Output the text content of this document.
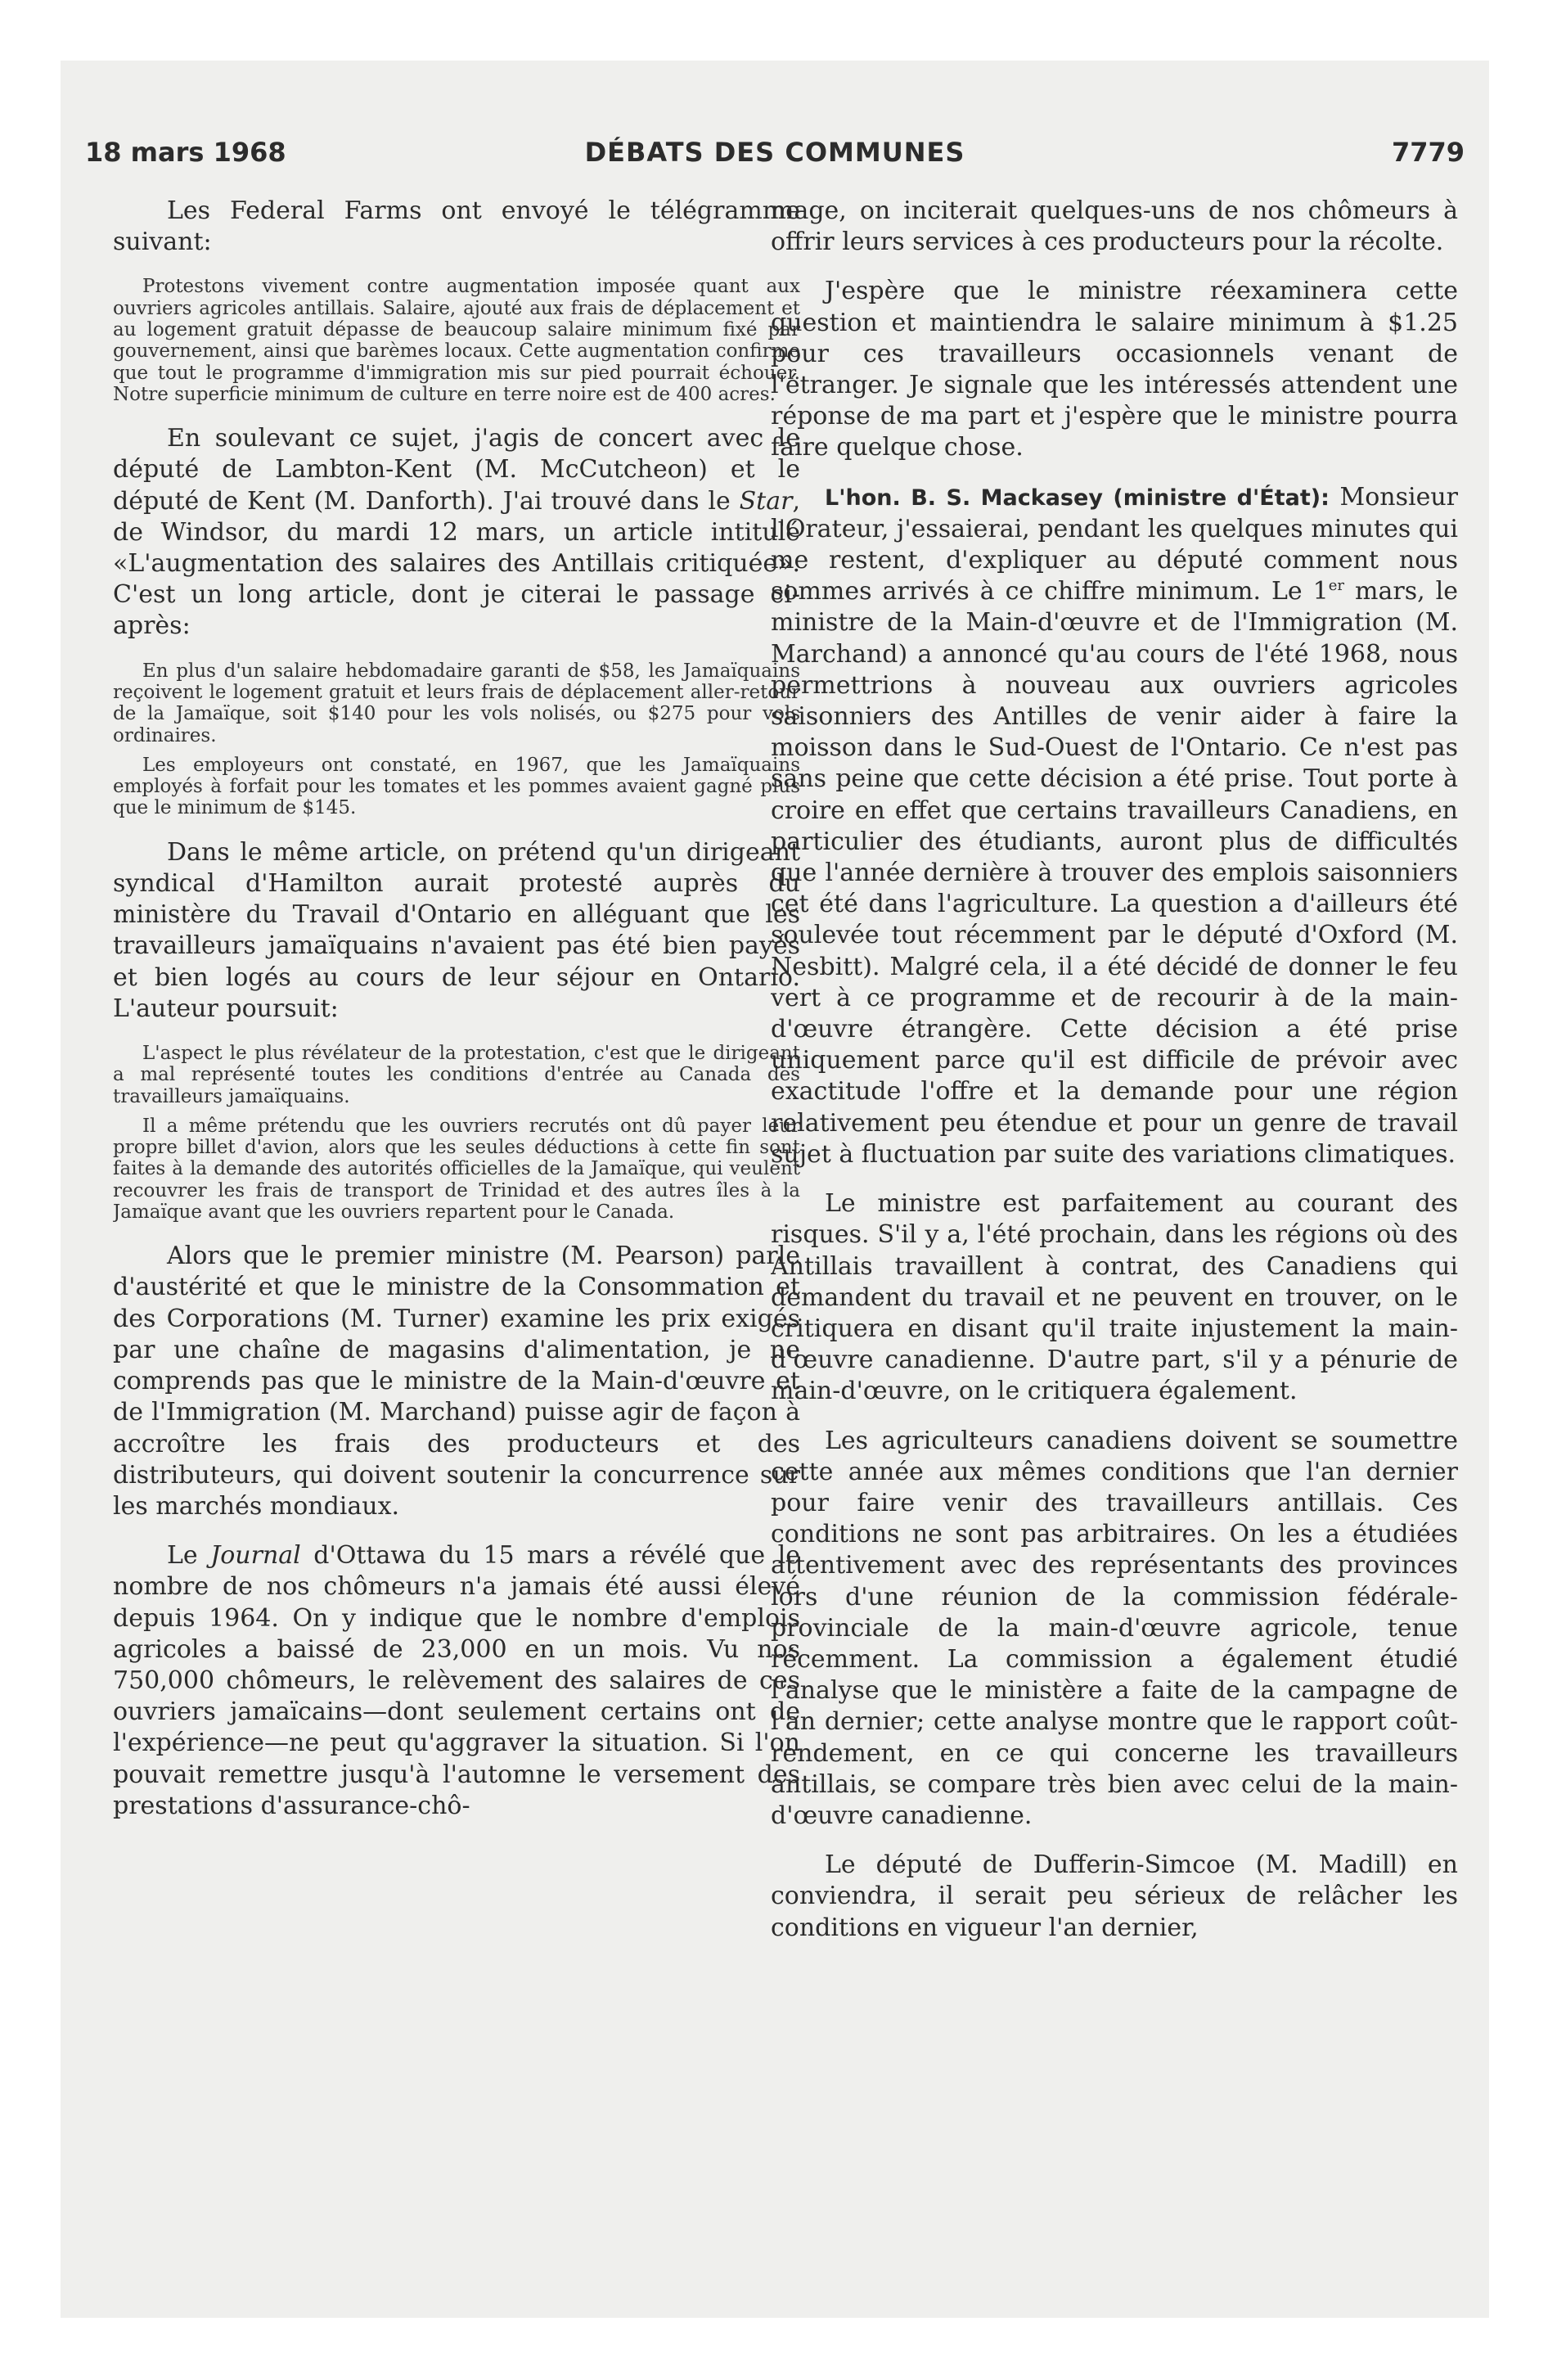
18 mars 1968	DÉBATS DES COMMUNES	7779

Les Federal Farms ont envoyé le télégramme suivant:

Protestons vivement contre augmentation imposée quant aux ouvriers agricoles antillais. Salaire, ajouté aux frais de déplacement et au logement gratuit dépasse de beaucoup salaire minimum fixé par gouvernement, ainsi que barèmes locaux. Cette augmentation confirme que tout le programme d'immigration mis sur pied pourrait échouer. Notre superficie minimum de culture en terre noire est de 400 acres.

En soulevant ce sujet, j'agis de concert avec le député de Lambton-Kent (M. McCutcheon) et le député de Kent (M. Danforth). J'ai trouvé dans le Star, de Windsor, du mardi 12 mars, un article intitulé «L'augmentation des salaires des Antillais critiquée». C'est un long article, dont je citerai le passage ci-après:

En plus d'un salaire hebdomadaire garanti de $58, les Jamaïquains reçoivent le logement gratuit et leurs frais de déplacement aller-retour de la Jamaïque, soit $140 pour les vols nolisés, ou $275 pour vols ordinaires.

Les employeurs ont constaté, en 1967, que les Jamaïquains employés à forfait pour les tomates et les pommes avaient gagné plus que le minimum de $145.

Dans le même article, on prétend qu'un dirigeant syndical d'Hamilton aurait protesté auprès du ministère du Travail d'Ontario en alléguant que les travailleurs jamaïquains n'avaient pas été bien payés et bien logés au cours de leur séjour en Ontario. L'auteur poursuit:

L'aspect le plus révélateur de la protestation, c'est que le dirigeant a mal représenté toutes les conditions d'entrée au Canada des travailleurs jamaïquains.

Il a même prétendu que les ouvriers recrutés ont dû payer leur propre billet d'avion, alors que les seules déductions à cette fin sont faites à la demande des autorités officielles de la Jamaïque, qui veulent recouvrer les frais de transport de Trinidad et des autres îles à la Jamaïque avant que les ouvriers repartent pour le Canada.

Alors que le premier ministre (M. Pearson) parle d'austérité et que le ministre de la Consommation et des Corporations (M. Turner) examine les prix exigés par une chaîne de magasins d'alimentation, je ne comprends pas que le ministre de la Main-d'œuvre et de l'Immigration (M. Marchand) puisse agir de façon à accroître les frais des producteurs et des distributeurs, qui doivent soutenir la concurrence sur les marchés mondiaux.

Le Journal d'Ottawa du 15 mars a révélé que le nombre de nos chômeurs n'a jamais été aussi élevé depuis 1964. On y indique que le nombre d'emplois agricoles a baissé de 23,000 en un mois. Vu nos 750,000 chômeurs, le relèvement des salaires de ces ouvriers jamaïcains—dont seulement certains ont de l'expérience—ne peut qu'aggraver la situation. Si l'on pouvait remettre jusqu'à l'automne le versement des prestations d'assurance-chô-

mage, on inciterait quelques-uns de nos chômeurs à offrir leurs services à ces producteurs pour la récolte.

J'espère que le ministre réexaminera cette question et maintiendra le salaire minimum à $1.25 pour ces travailleurs occasionnels venant de l'étranger. Je signale que les intéressés attendent une réponse de ma part et j'espère que le ministre pourra faire quelque chose.

L'hon. B. S. Mackasey (ministre d'État): Monsieur l'Orateur, j'essaierai, pendant les quelques minutes qui me restent, d'expliquer au député comment nous sommes arrivés à ce chiffre minimum. Le 1er mars, le ministre de la Main-d'œuvre et de l'Immigration (M. Marchand) a annoncé qu'au cours de l'été 1968, nous permettrions à nouveau aux ouvriers agricoles saisonniers des Antilles de venir aider à faire la moisson dans le Sud-Ouest de l'Ontario. Ce n'est pas sans peine que cette décision a été prise. Tout porte à croire en effet que certains travailleurs Canadiens, en particulier des étudiants, auront plus de difficultés que l'année dernière à trouver des emplois saisonniers cet été dans l'agriculture. La question a d'ailleurs été soulevée tout récemment par le député d'Oxford (M. Nesbitt). Malgré cela, il a été décidé de donner le feu vert à ce programme et de recourir à de la main-d'œuvre étrangère. Cette décision a été prise uniquement parce qu'il est difficile de prévoir avec exactitude l'offre et la demande pour une région relativement peu étendue et pour un genre de travail sujet à fluctuation par suite des variations climatiques.

Le ministre est parfaitement au courant des risques. S'il y a, l'été prochain, dans les régions où des Antillais travaillent à contrat, des Canadiens qui demandent du travail et ne peuvent en trouver, on le critiquera en disant qu'il traite injustement la main-d'œuvre canadienne. D'autre part, s'il y a pénurie de main-d'œuvre, on le critiquera également.

Les agriculteurs canadiens doivent se soumettre cette année aux mêmes conditions que l'an dernier pour faire venir des travailleurs antillais. Ces conditions ne sont pas arbitraires. On les a étudiées attentivement avec des représentants des provinces lors d'une réunion de la commission fédérale-provinciale de la main-d'œuvre agricole, tenue récemment. La commission a également étudié l'analyse que le ministère a faite de la campagne de l'an dernier; cette analyse montre que le rapport coût-rendement, en ce qui concerne les travailleurs antillais, se compare très bien avec celui de la main-d'œuvre canadienne.

Le député de Dufferin-Simcoe (M. Madill) en conviendra, il serait peu sérieux de relâcher les conditions en vigueur l'an dernier,
